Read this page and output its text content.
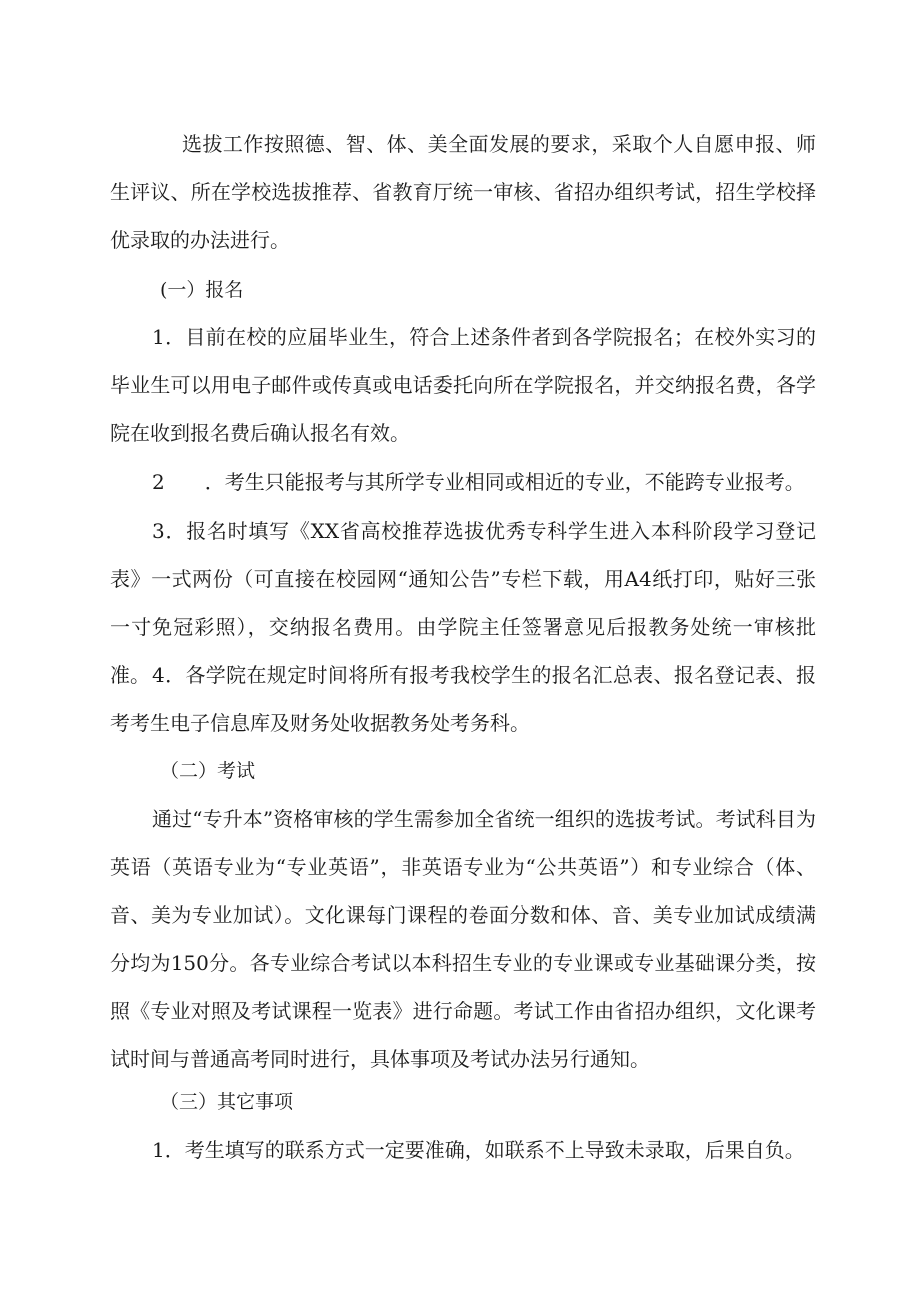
选拔工作按照德、智、体、美全面发展的要求，采取个人自愿申报、师生评议、所在学校选拔推荐、省教育厅统一审核、省招办组织考试，招生学校择优录取的办法进行。

(一）报名

1．目前在校的应届毕业生，符合上述条件者到各学院报名；在校外实习的毕业生可以用电子邮件或传真或电话委托向所在学院报名，并交纳报名费，各学院在收到报名费后确认报名有效。

2　　．考生只能报考与其所学专业相同或相近的专业，不能跨专业报考。

3．报名时填写《XX省高校推荐选拔优秀专科学生进入本科阶段学习登记表》一式两份（可直接在校园网“通知公告”专栏下载，用A4纸打印，贴好三张一寸免冠彩照），交纳报名费用。由学院主任签署意见后报教务处统一审核批准。 4．各学院在规定时间将所有报考我校学生的报名汇总表、报名登记表、报考考生电子信息库及财务处收据教务处考务科。

（二）考试

通过“专升本”资格审核的学生需参加全省统一组织的选拔考试。考试科目为英语（英语专业为“专业英语”，非英语专业为“公共英语”）和专业综合（体、音、美为专业加试）。文化课每门课程的卷面分数和体、音、美专业加试成绩满分均为150分。各专业综合考试以本科招生专业的专业课或专业基础课分类，按照《专业对照及考试课程一览表》进行命题。考试工作由省招办组织，文化课考试时间与普通高考同时进行，具体事项及考试办法另行通知。

（三）其它事项

1．考生填写的联系方式一定要准确，如联系不上导致未录取，后果自负。
